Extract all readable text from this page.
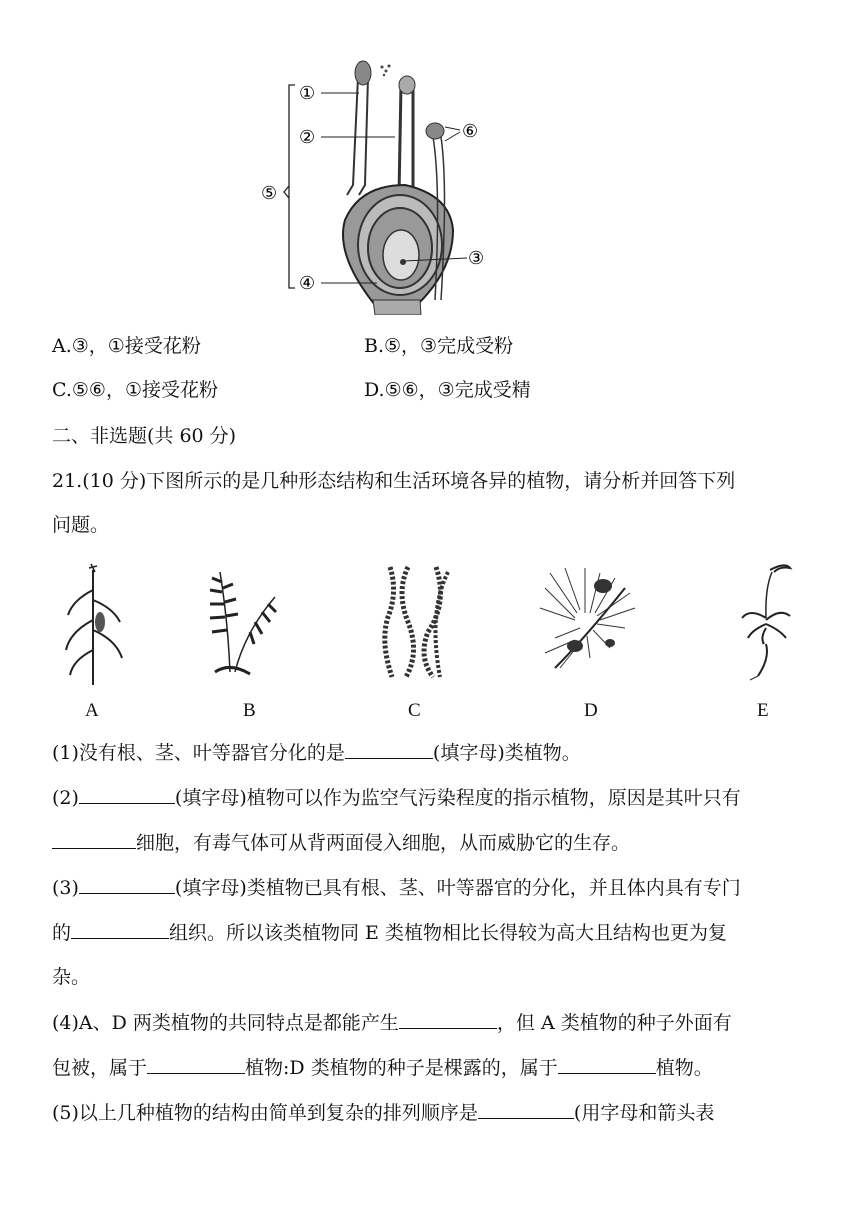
①
②
③
④
⑤
⑥
A.③，①接受花粉	B.⑤，③完成受粉
C.⑤⑥，①接受花粉	D.⑤⑥，③完成受精
二、非选题(共 60 分)
21.(10 分)下图所示的是几种形态结构和生活环境各异的植物，请分析并回答下列
问题。
A	B	C	D	E
(1)没有根、茎、叶等器官分化的是	(填字母)类植物。
(2)	(填字母)植物可以作为监空气污染程度的指示植物，原因是其叶只有
细胞，有毒气体可从背两面侵入细胞，从而威胁它的生存。
(3)	(填字母)类植物已具有根、茎、叶等器官的分化，并且体内具有专门
的	组织。所以该类植物同 E 类植物相比长得较为高大且结构也更为复
杂。
(4)A、D 两类植物的共同特点是都能产生	，但 A 类植物的种子外面有
包被，属于	植物:D 类植物的种子是棵露的，属于	植物。
(5)以上几种植物的结构由简单到复杂的排列顺序是	(用字母和箭头表
